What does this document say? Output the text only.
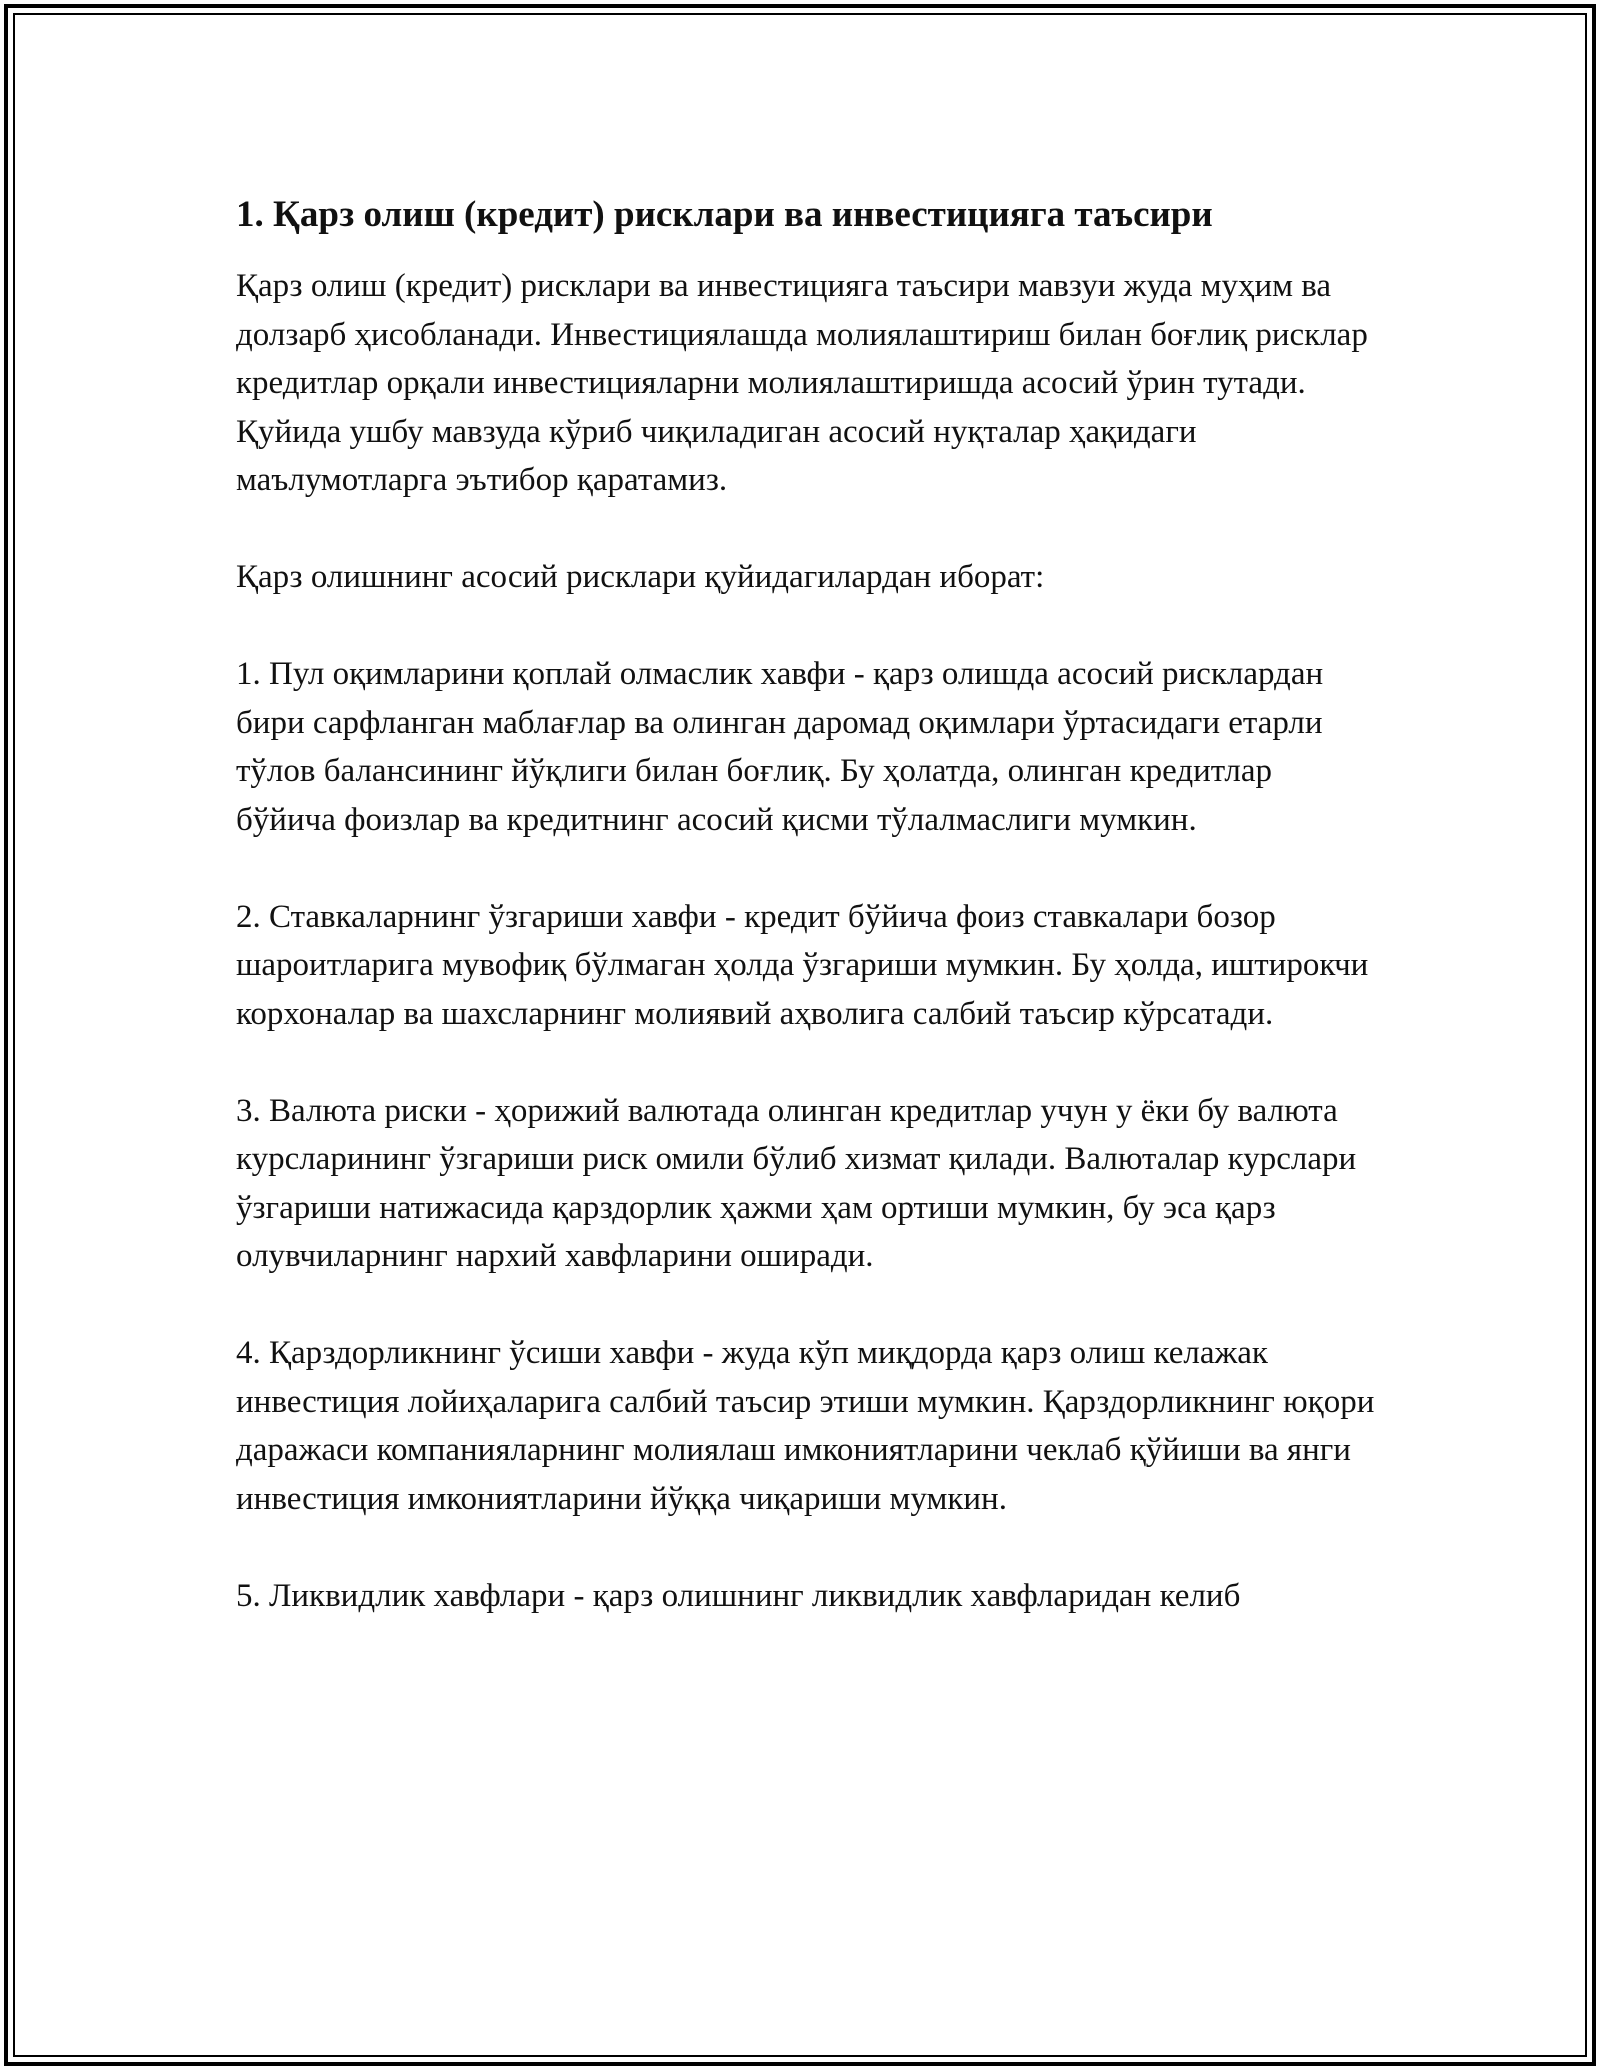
1. Қарз олиш (кредит) рисклари ва инвестицияга таъсири

Қарз олиш (кредит) рисклари ва инвестицияга таъсири мавзуи жуда муҳим ва долзарб ҳисобланади. Инвестициялашда молиялаштириш билан боғлиқ рисклар кредитлар орқали инвестицияларни молиялаштиришда асосий ўрин тутади. Қуйида ушбу мавзуда кўриб чиқиладиган асосий нуқталар ҳақидаги маълумотларга эътибор қаратамиз.

Қарз олишнинг асосий рисклари қуйидагилардан иборат:

1. Пул оқимларини қоплай олмаслик хавфи - қарз олишда асосий рисклардан бири сарфланган маблағлар ва олинган даромад оқимлари ўртасидаги етарли тўлов балансининг йўқлиги билан боғлиқ. Бу ҳолатда, олинган кредитлар бўйича фоизлар ва кредитнинг асосий қисми тўлалмаслиги мумкин.

2. Ставкаларнинг ўзгариши хавфи - кредит бўйича фоиз ставкалари бозор шароитларига мувофиқ бўлмаган ҳолда ўзгариши мумкин. Бу ҳолда, иштирокчи корхоналар ва шахсларнинг молиявий аҳволига салбий таъсир кўрсатади.

3. Валюта риски - ҳорижий валютада олинган кредитлар учун у ёки бу валюта курсларининг ўзгариши риск омили бўлиб хизмат қилади. Валюталар курслари ўзгариши натижасида қарздорлик ҳажми ҳам ортиши мумкин, бу эса қарз олувчиларнинг нархий хавфларини оширади.

4. Қарздорликнинг ўсиши хавфи - жуда кўп миқдорда қарз олиш келажак инвестиция лойиҳаларига салбий таъсир этиши мумкин. Қарздорликнинг юқори даражаси компанияларнинг молиялаш имкониятларини чеклаб қўйиши ва янги инвестиция имкониятларини йўққа чиқариши мумкин.

5. Ликвидлик хавфлари - қарз олишнинг ликвидлик хавфларидан келиб
